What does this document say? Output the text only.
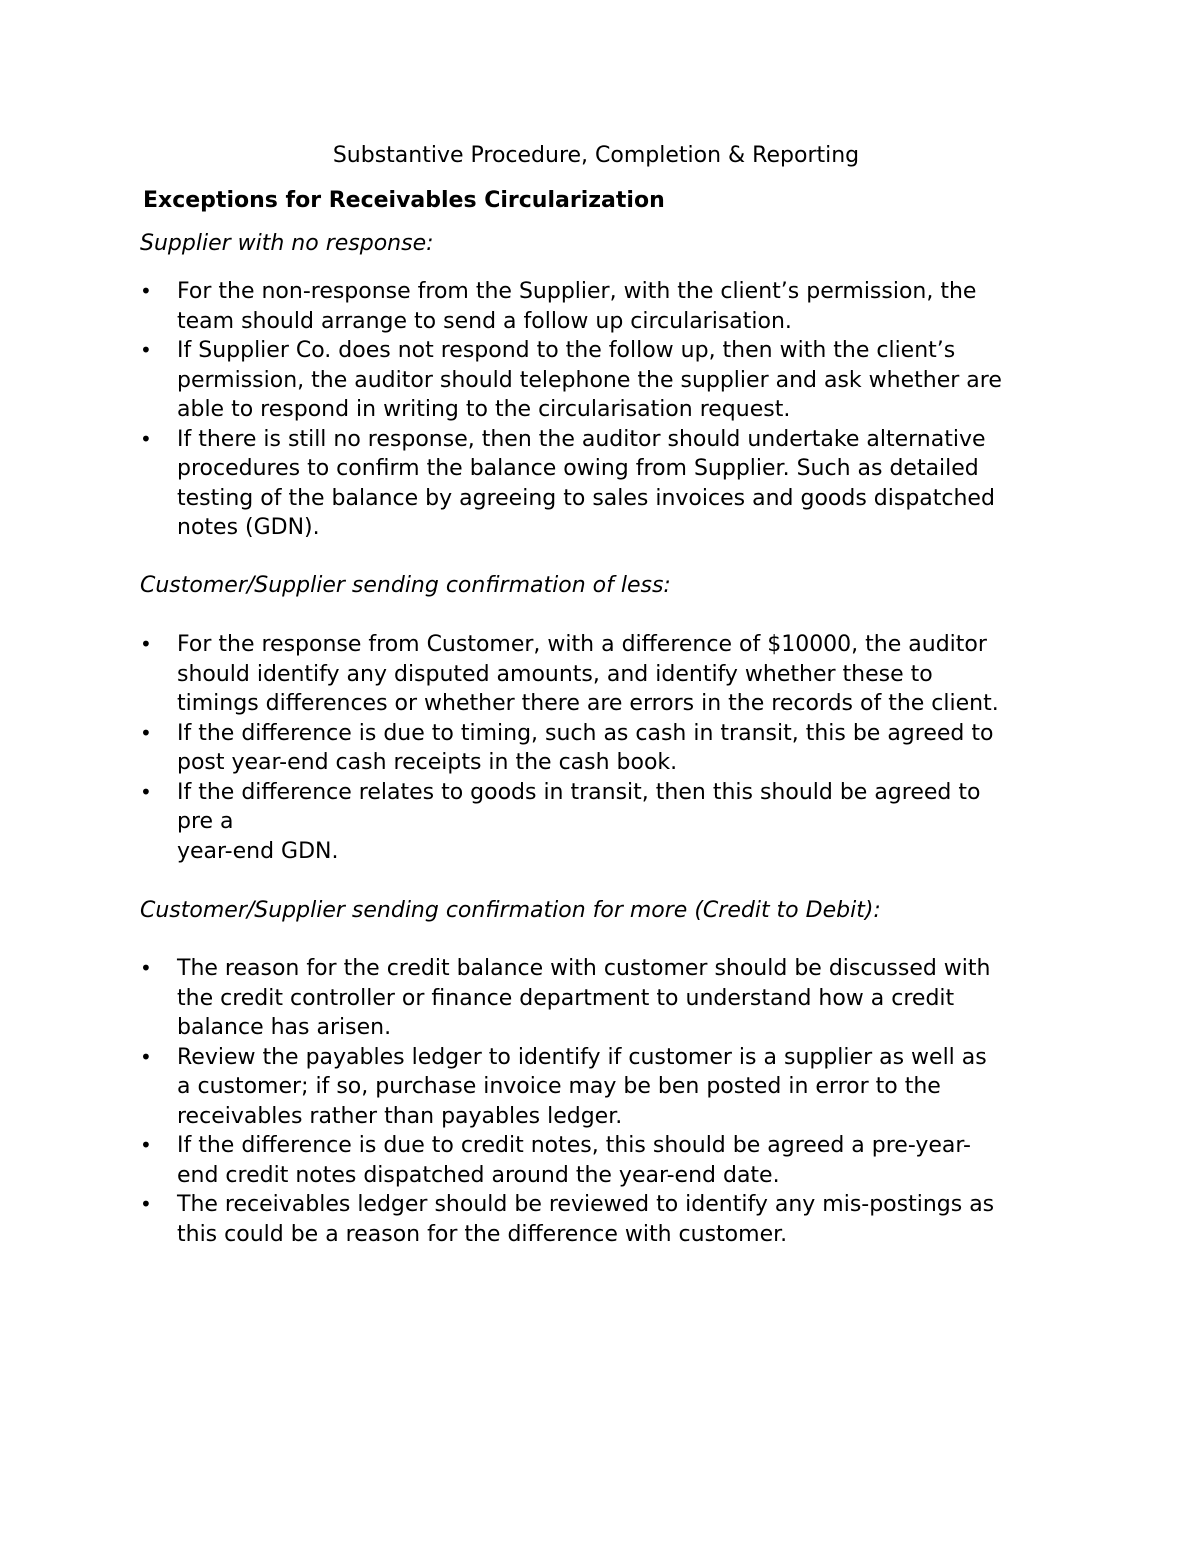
Substantive Procedure, Completion & Reporting
Exceptions for Receivables Circularization
Supplier with no response:
•	For the non-response from the Supplier, with the client’s permission, the
team should arrange to send a follow up circularisation.
•	If Supplier Co. does not respond to the follow up, then with the client’s
permission, the auditor should telephone the supplier and ask whether are
able to respond in writing to the circularisation request.
•	If there is still no response, then the auditor should undertake alternative
procedures to confirm the balance owing from Supplier. Such as detailed
testing of the balance by agreeing to sales invoices and goods dispatched
notes (GDN).
Customer/Supplier sending confirmation of less:
•	For the response from Customer, with a difference of $10000, the auditor
should identify any disputed amounts, and identify whether these to
timings differences or whether there are errors in the records of the client.
•	If the difference is due to timing, such as cash in transit, this be agreed to
post year-end cash receipts in the cash book.
•	If the difference relates to goods in transit, then this should be agreed to
pre a
year-end GDN.
Customer/Supplier sending confirmation for more (Credit to Debit):
•	The reason for the credit balance with customer should be discussed with
the credit controller or finance department to understand how a credit
balance has arisen.
•	Review the payables ledger to identify if customer is a supplier as well as
a customer; if so, purchase invoice may be ben posted in error to the
receivables rather than payables ledger.
•	If the difference is due to credit notes, this should be agreed a pre-year-
end credit notes dispatched around the year-end date.
•	The receivables ledger should be reviewed to identify any mis-postings as
this could be a reason for the difference with customer.
